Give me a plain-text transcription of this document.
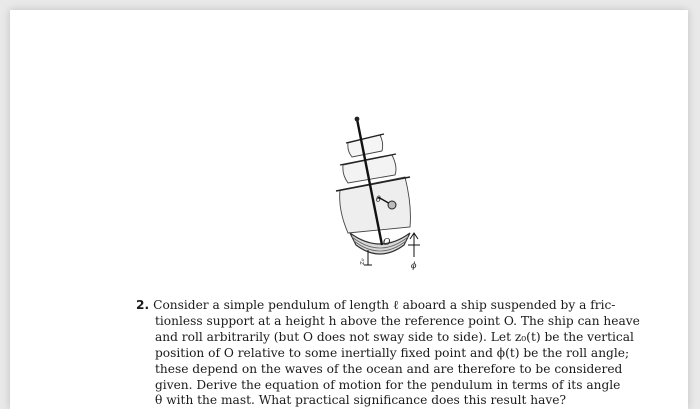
θ
O
z₀	ϕ
2. Consider a simple pendulum of length ℓ aboard a ship suspended by a fric-
tionless support at a height h above the reference point O. The ship can heave
and roll arbitrarily (but O does not sway side to side). Let z₀(t) be the vertical
position of O relative to some inertially fixed point and ϕ(t) be the roll angle;
these depend on the waves of the ocean and are therefore to be considered
given. Derive the equation of motion for the pendulum in terms of its angle
θ with the mast. What practical significance does this result have?
